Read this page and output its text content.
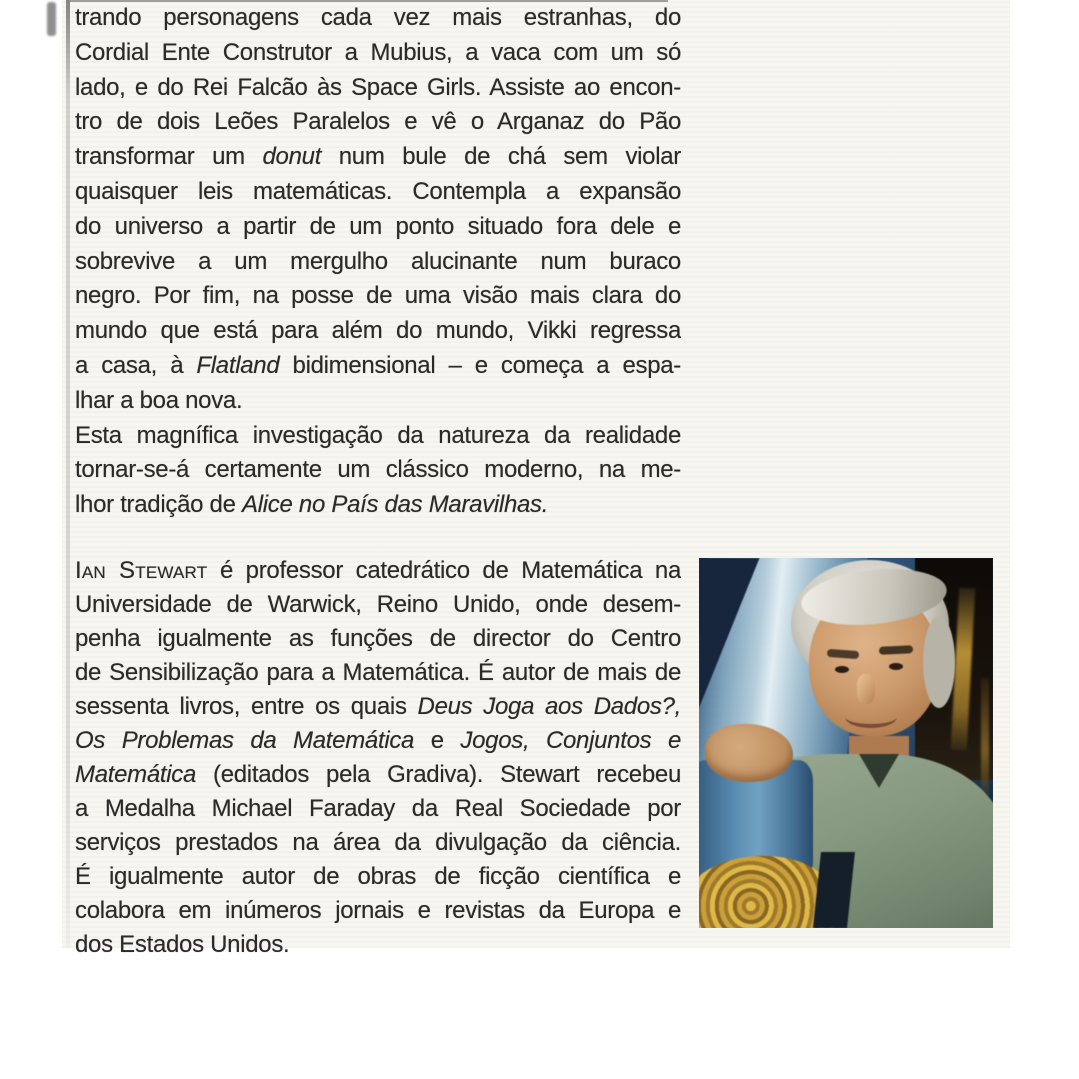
trando personagens cada vez mais estranhas, do
Cordial Ente Construtor a Mubius, a vaca com um só
lado, e do Rei Falcão às Space Girls. Assiste ao encon-
tro de dois Leões Paralelos e vê o Arganaz do Pão
transformar um donut num bule de chá sem violar
quaisquer leis matemáticas. Contempla a expansão
do universo a partir de um ponto situado fora dele e
sobrevive a um mergulho alucinante num buraco
negro. Por fim, na posse de uma visão mais clara do
mundo que está para além do mundo, Vikki regressa
a casa, à Flatland bidimensional – e começa a espa-
lhar a boa nova.
Esta magnífica investigação da natureza da realidade
tornar-se-á certamente um clássico moderno, na me-
lhor tradição de Alice no País das Maravilhas.
Ian Stewart é professor catedrático de Matemática na
Universidade de Warwick, Reino Unido, onde desem-
penha igualmente as funções de director do Centro
de Sensibilização para a Matemática. É autor de mais de
sessenta livros, entre os quais Deus Joga aos Dados?,
Os Problemas da Matemática e Jogos, Conjuntos e
Matemática (editados pela Gradiva). Stewart recebeu
a Medalha Michael Faraday da Real Sociedade por
serviços prestados na área da divulgação da ciência.
É igualmente autor de obras de ficção científica e
colabora em inúmeros jornais e revistas da Europa e
dos Estados Unidos.
